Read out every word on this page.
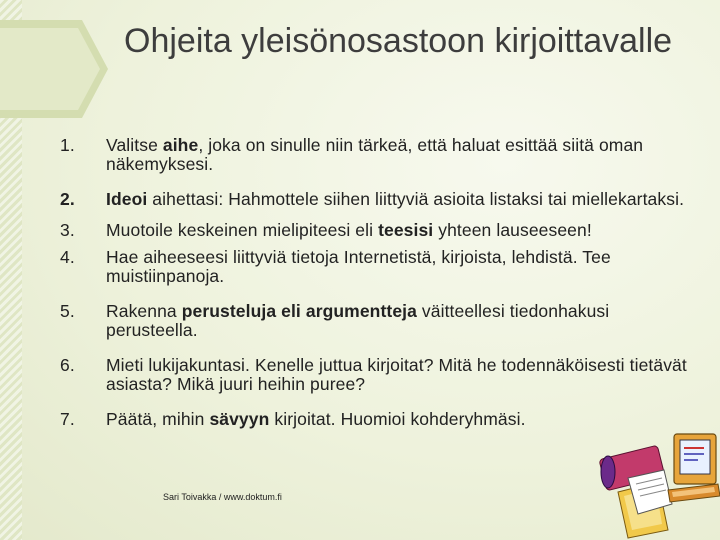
Ohjeita yleisönosastoon kirjoittavalle
1.	Valitse aihe, joka on sinulle niin tärkeä, että haluat esittää siitä oman näkemyksesi.
2.	Ideoi aihettasi: Hahmottele siihen liittyviä asioita listaksi tai miellekartaksi.
3.	Muotoile keskeinen mielipiteesi eli teesisi yhteen lauseeseen!
4.	Hae aiheeseesi liittyviä tietoja Internetistä, kirjoista, lehdistä. Tee muistiinpanoja.
5.	Rakenna perusteluja eli argumentteja väitteellesi tiedonhakusi perusteella.
6.	Mieti lukijakuntasi. Kenelle juttua kirjoitat? Mitä he todennäköisesti tietävät asiasta? Mikä juuri heihin puree?
7.	Päätä, mihin sävyyn kirjoitat. Huomioi kohderyhmäsi.
Sari Toivakka / www.doktum.fi
